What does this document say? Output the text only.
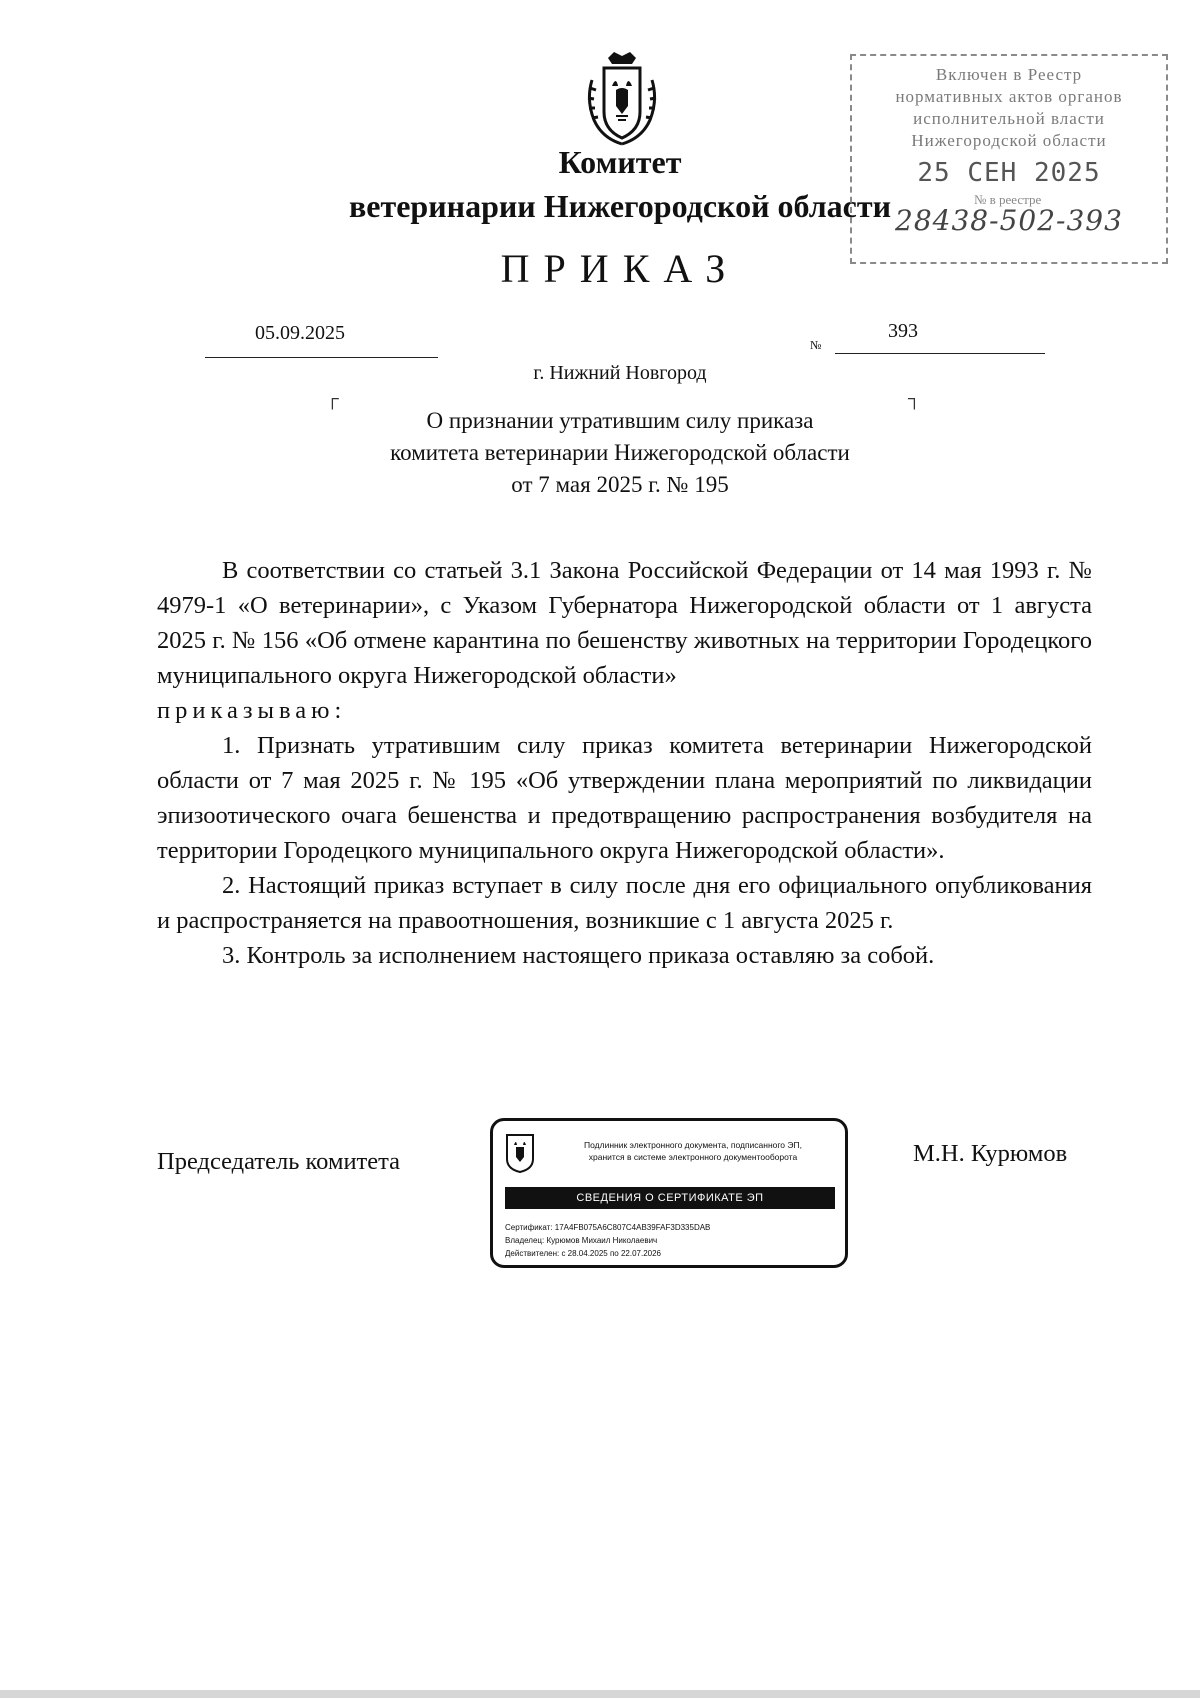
Комитет
ветеринарии Нижегородской области
ПРИКАЗ
Включен в Реестр
нормативных актов органов
исполнительной власти
Нижегородской области
25 СЕН 2025
№ в реестре
28438-502-393
05.09.2025
№
393
г. Нижний Новгород
┌	┐
О признании утратившим силу приказа
комитета ветеринарии Нижегородской области
от 7 мая 2025 г. № 195

В соответствии со статьей 3.1 Закона Российской Федерации от 14 мая 1993 г. № 4979-1 «О ветеринарии», с Указом Губернатора Нижегородской области от 1 августа 2025 г. № 156 «Об отмене карантина по бешенству животных на территории Городецкого муниципального округа Нижегородской области»

приказываю:

1. Признать утратившим силу приказ комитета ветеринарии Нижегородской области от 7 мая 2025 г. № 195 «Об утверждении плана мероприятий по ликвидации эпизоотического очага бешенства и предотвращению распространения возбудителя на территории Городецкого муниципального округа Нижегородской области».

2. Настоящий приказ вступает в силу после дня его официального опубликования и распространяется на правоотношения, возникшие с 1 августа 2025 г.

3. Контроль за исполнением настоящего приказа оставляю за собой.

Председатель комитета	М.Н. Курюмов
Подлинник электронного документа, подписанного ЭП,
хранится в системе электронного документооборота
СВЕДЕНИЯ О СЕРТИФИКАТЕ ЭП
Сертификат: 17A4FB075A6C807C4AB39FAF3D335DAB
Владелец: Курюмов Михаил Николаевич
Действителен: с 28.04.2025 по 22.07.2026
